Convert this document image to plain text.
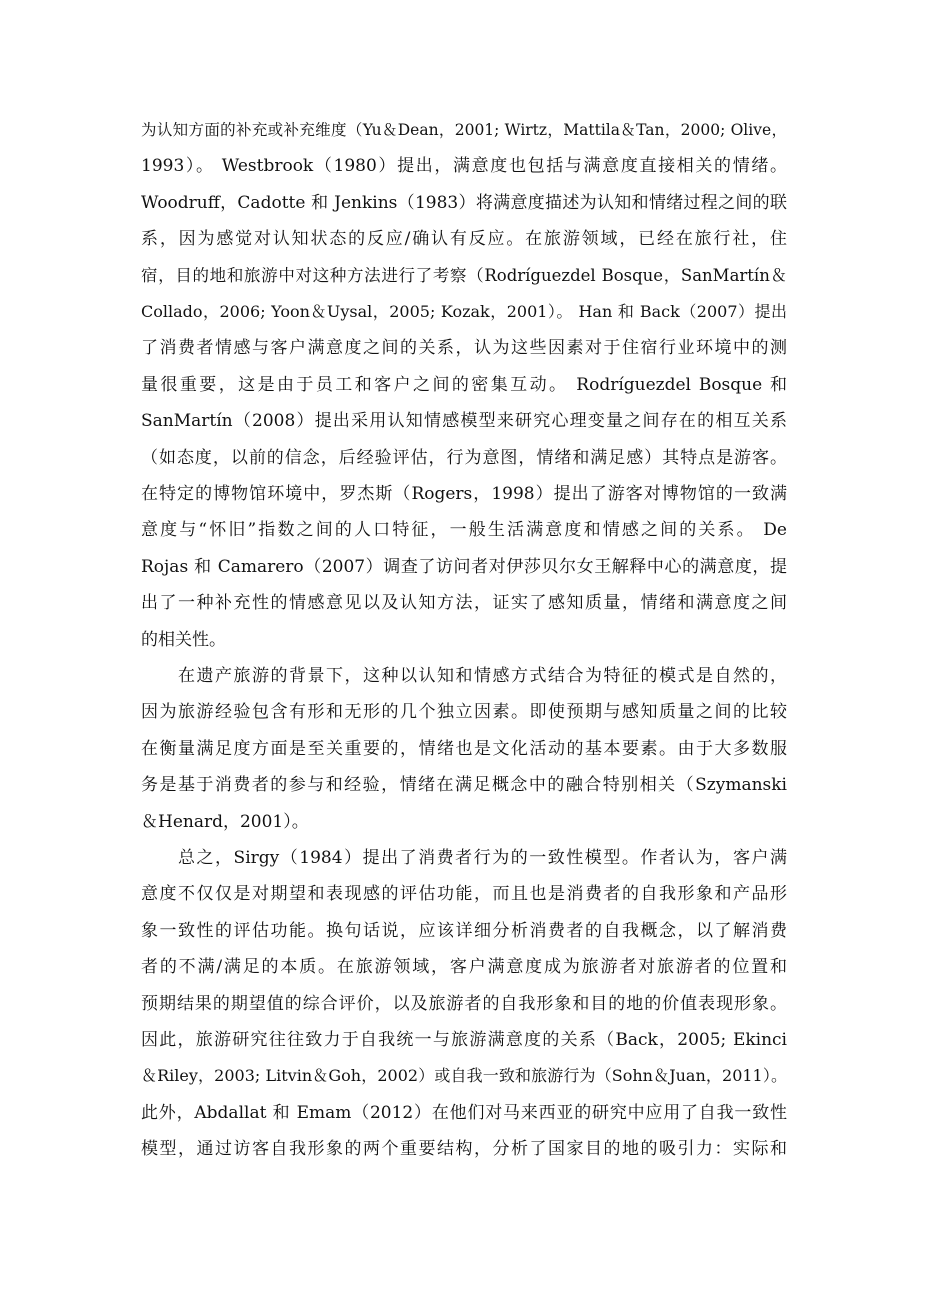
为认知方面的补充或补充维度（Yu＆Dean，2001; Wirtz，Mattila＆Tan，2000; Olive，

1993）。 Westbrook（1980）提出，满意度也包括与满意度直接相关的情绪。

Woodruff，Cadotte 和 Jenkins（1983）将满意度描述为认知和情绪过程之间的联

系，因为感觉对认知状态的反应/确认有反应。在旅游领域，已经在旅行社，住

宿，目的地和旅游中对这种方法进行了考察（Rodríguezdel Bosque，SanMartín＆

Collado，2006; Yoon＆Uysal，2005; Kozak，2001）。 Han 和 Back（2007）提出

了消费者情感与客户满意度之间的关系，认为这些因素对于住宿行业环境中的测

量很重要，这是由于员工和客户之间的密集互动。 Rodríguezdel Bosque 和

SanMartín（2008）提出采用认知情感模型来研究心理变量之间存在的相互关系

（如态度，以前的信念，后经验评估，行为意图，情绪和满足感）其特点是游客。

在特定的博物馆环境中，罗杰斯（Rogers，1998）提出了游客对博物馆的一致满

意度与“怀旧”指数之间的人口特征，一般生活满意度和情感之间的关系。 De

Rojas 和 Camarero（2007）调查了访问者对伊莎贝尔女王解释中心的满意度，提

出了一种补充性的情感意见以及认知方法，证实了感知质量，情绪和满意度之间

的相关性。

在遗产旅游的背景下，这种以认知和情感方式结合为特征的模式是自然的，

因为旅游经验包含有形和无形的几个独立因素。即使预期与感知质量之间的比较

在衡量满足度方面是至关重要的，情绪也是文化活动的基本要素。由于大多数服

务是基于消费者的参与和经验，情绪在满足概念中的融合特别相关（Szymanski

＆Henard，2001）。

总之，Sirgy（1984）提出了消费者行为的一致性模型。作者认为，客户满

意度不仅仅是对期望和表现感的评估功能，而且也是消费者的自我形象和产品形

象一致性的评估功能。换句话说，应该详细分析消费者的自我概念，以了解消费

者的不满/满足的本质。在旅游领域，客户满意度成为旅游者对旅游者的位置和

预期结果的期望值的综合评价，以及旅游者的自我形象和目的地的价值表现形象。

因此，旅游研究往往致力于自我统一与旅游满意度的关系（Back，2005; Ekinci

＆Riley，2003; Litvin＆Goh，2002）或自我一致和旅游行为（Sohn＆Juan，2011）。

此外，Abdallat 和 Emam（2012）在他们对马来西亚的研究中应用了自我一致性

模型，通过访客自我形象的两个重要结构，分析了国家目的地的吸引力：实际和
